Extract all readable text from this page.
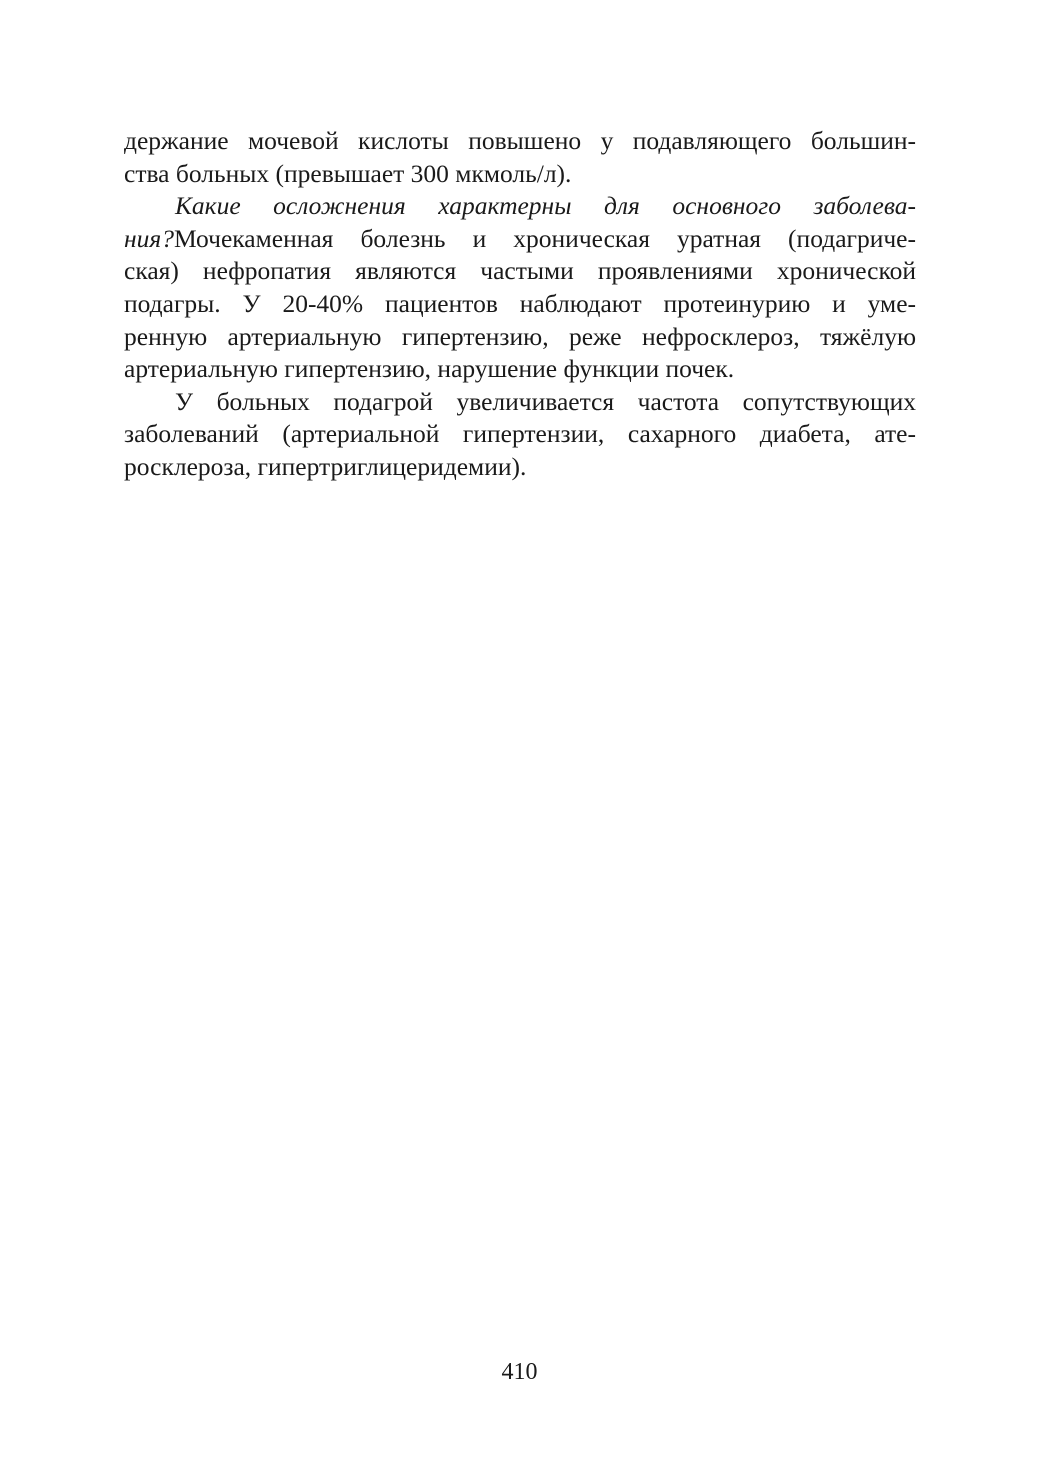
держание мочевой кислоты повышено у подавляющего большин-
ства больных (превышает 300 мкмоль/л).
Какие осложнения характерны для основного заболева-
ния?Мочекаменная болезнь и хроническая уратная (подагриче-
ская) нефропатия являются частыми проявлениями хронической
подагры. У 20-40% пациентов наблюдают протеинурию и уме-
ренную артериальную гипертензию, реже нефросклероз, тяжёлую
артериальную гипертензию, нарушение функции почек.
У больных подагрой увеличивается частота сопутствующих
заболеваний (артериальной гипертензии, сахарного диабета, ате-
росклероза, гипертриглицеридемии).
410
